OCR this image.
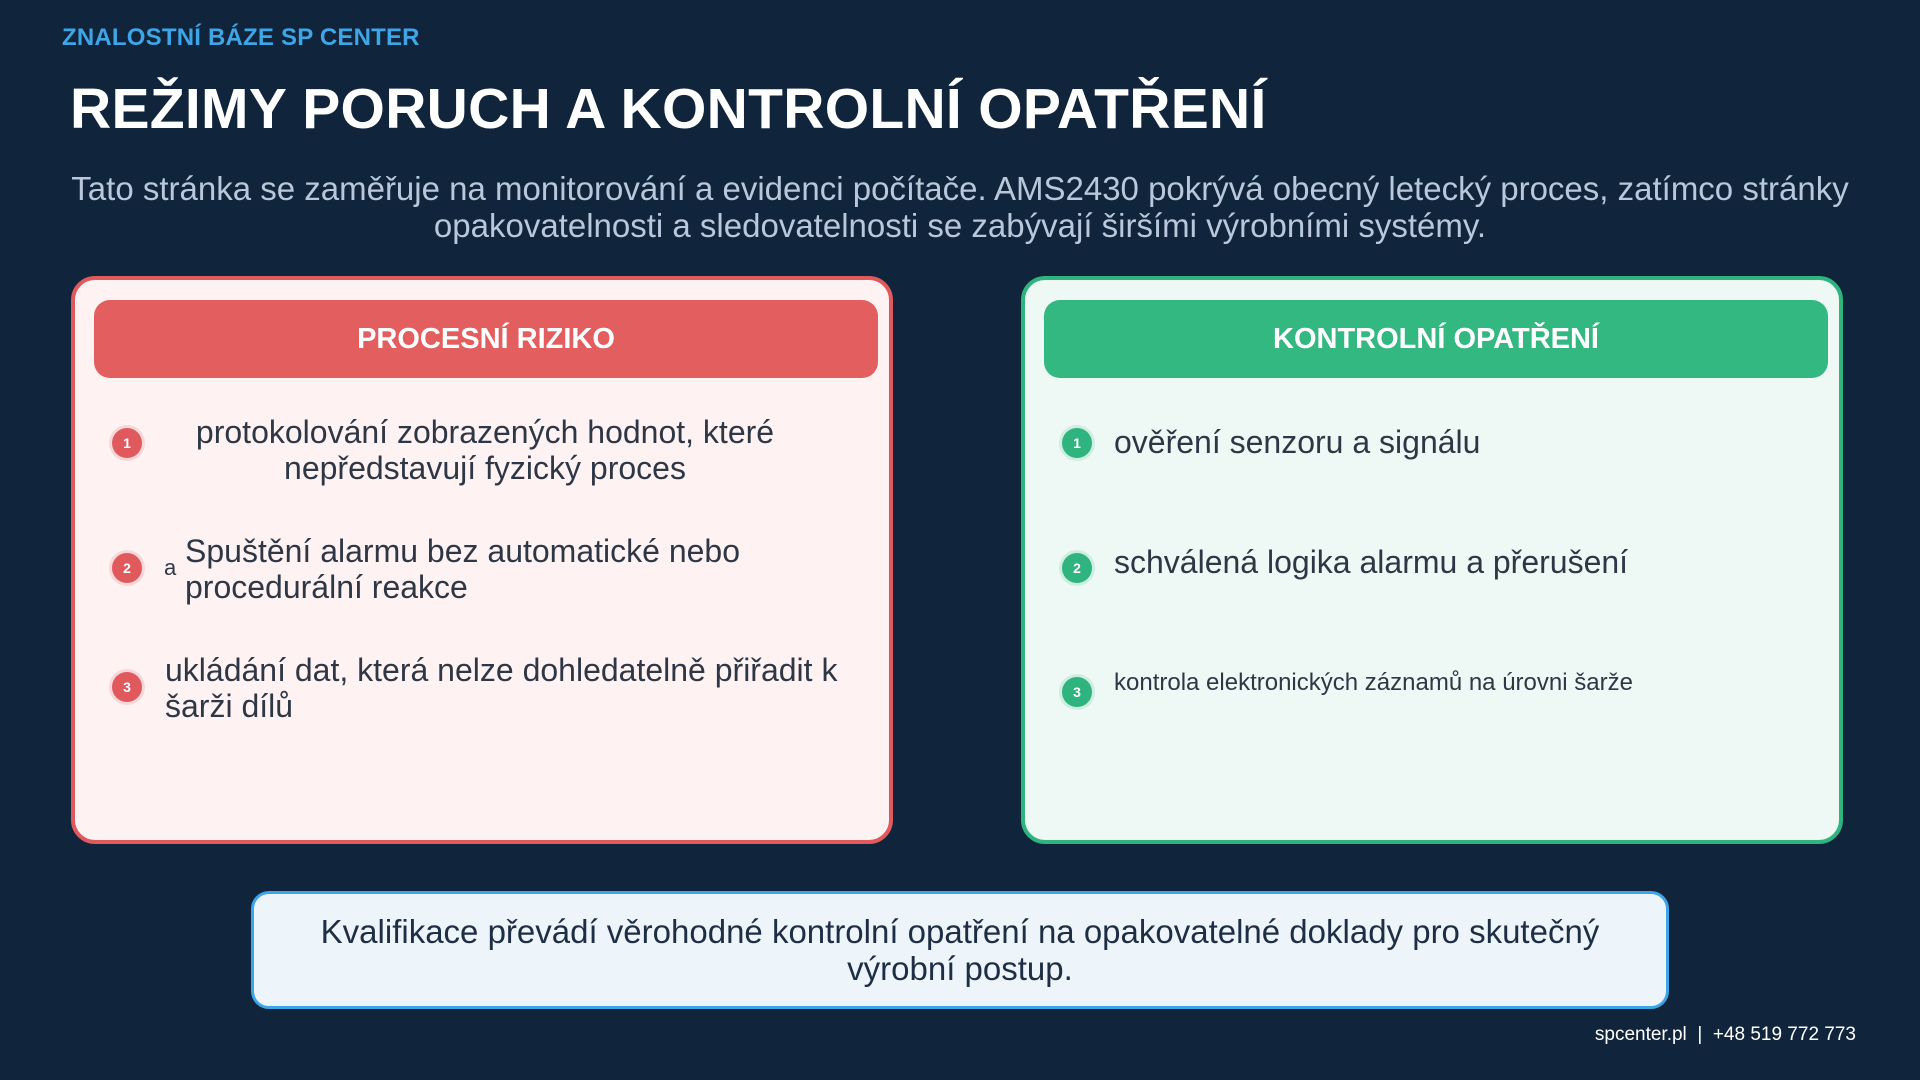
ZNALOSTNÍ BÁZE SP CENTER
REŽIMY PORUCH A KONTROLNÍ OPATŘENÍ
Tato stránka se zaměřuje na monitorování a evidenci počítače. AMS2430 pokrývá obecný letecký proces, zatímco stránky opakovatelnosti a sledovatelnosti se zabývají širšími výrobními systémy.
PROCESNÍ RIZIKO
1	protokolování zobrazených hodnot, které nepředstavují fyzický proces
2	a Spuštění alarmu bez automatické nebo procedurální reakce
3	ukládání dat, která nelze dohledatelně přiřadit k šarži dílů
KONTROLNÍ OPATŘENÍ
1	ověření senzoru a signálu
2	schválená logika alarmu a přerušení
3	kontrola elektronických záznamů na úrovni šarže
Kvalifikace převádí věrohodné kontrolní opatření na opakovatelné doklady pro skutečný výrobní postup.
spcenter.pl  |  +48 519 772 773
